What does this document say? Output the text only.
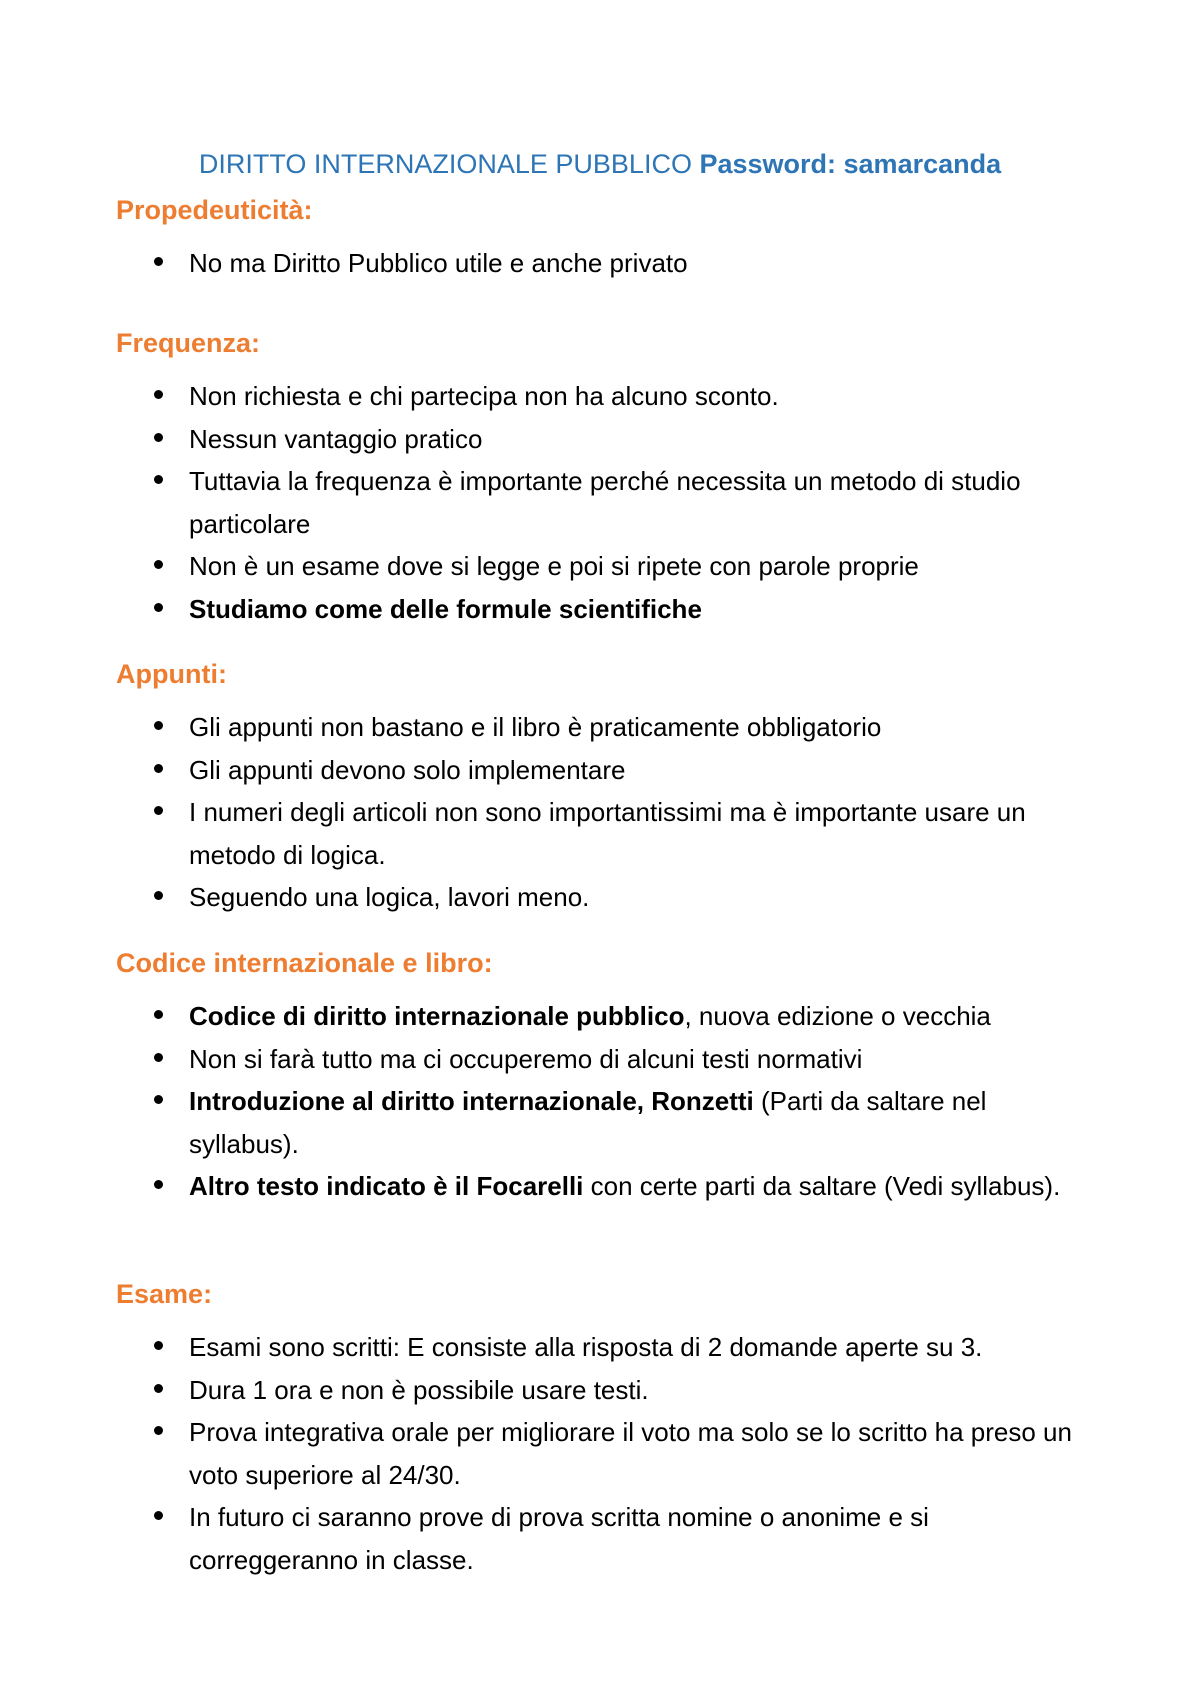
DIRITTO INTERNAZIONALE PUBBLICO Password: samarcanda
Propedeuticità:
No ma Diritto Pubblico utile e anche privato
Frequenza:
Non richiesta e chi partecipa non ha alcuno sconto.
Nessun vantaggio pratico
Tuttavia la frequenza è importante perché necessita un metodo di studio particolare
Non è un esame dove si legge e poi si ripete con parole proprie
Studiamo come delle formule scientifiche
Appunti:
Gli appunti non bastano e il libro è praticamente obbligatorio
Gli appunti devono solo implementare
I numeri degli articoli non sono importantissimi ma è importante usare un metodo di logica.
Seguendo una logica, lavori meno.
Codice internazionale e libro:
Codice di diritto internazionale pubblico, nuova edizione o vecchia
Non si farà tutto ma ci occuperemo di alcuni testi normativi
Introduzione al diritto internazionale, Ronzetti (Parti da saltare nel syllabus).
Altro testo indicato è il Focarelli con certe parti da saltare (Vedi syllabus).
Esame:
Esami sono scritti: E consiste alla risposta di 2 domande aperte su 3.
Dura 1 ora e non è possibile usare testi.
Prova integrativa orale per migliorare il voto ma solo se lo scritto ha preso un voto superiore al 24/30.
In futuro ci saranno prove di prova scritta nomine o anonime e si correggeranno in classe.
